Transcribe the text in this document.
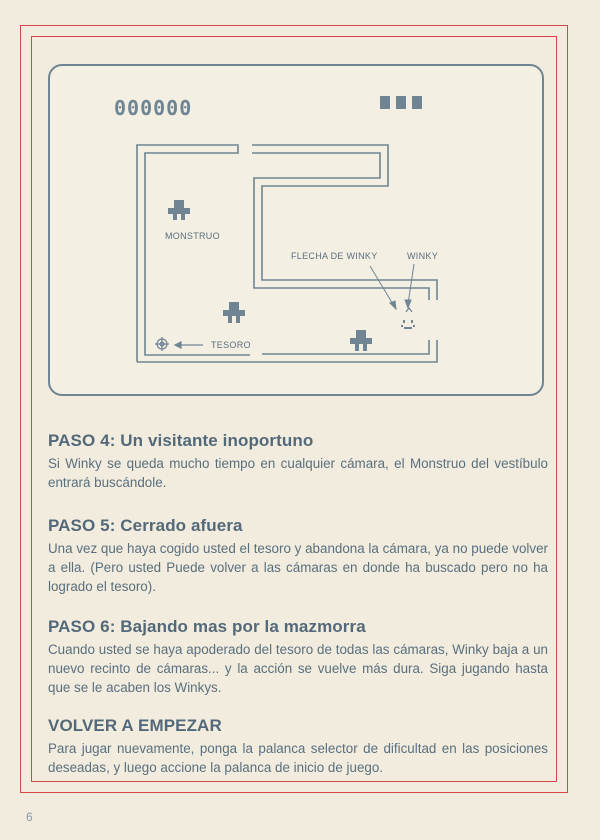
000000
MONSTRUO
TESORO
FLECHA DE WINKY	WINKY
PASO 4: Un visitante inoportuno

Si Winky se queda mucho tiempo en cualquier cámara, el Monstruo del vestíbulo entrará buscándole.

PASO 5: Cerrado afuera

Una vez que haya cogido usted el tesoro y abandona la cámara, ya no puede volver a ella. (Pero usted Puede volver a las cámaras en donde ha buscado pero no ha logrado el tesoro).

PASO 6: Bajando mas por la mazmorra

Cuando usted se haya apoderado del tesoro de todas las cámaras, Winky baja a un nuevo recinto de cámaras... y la acción se vuelve más dura. Siga jugando hasta que se le acaben los Winkys.

VOLVER A EMPEZAR

Para jugar nuevamente, ponga la palanca selector de dificultad en las posiciones deseadas, y luego accione la palanca de inicio de juego.

6
